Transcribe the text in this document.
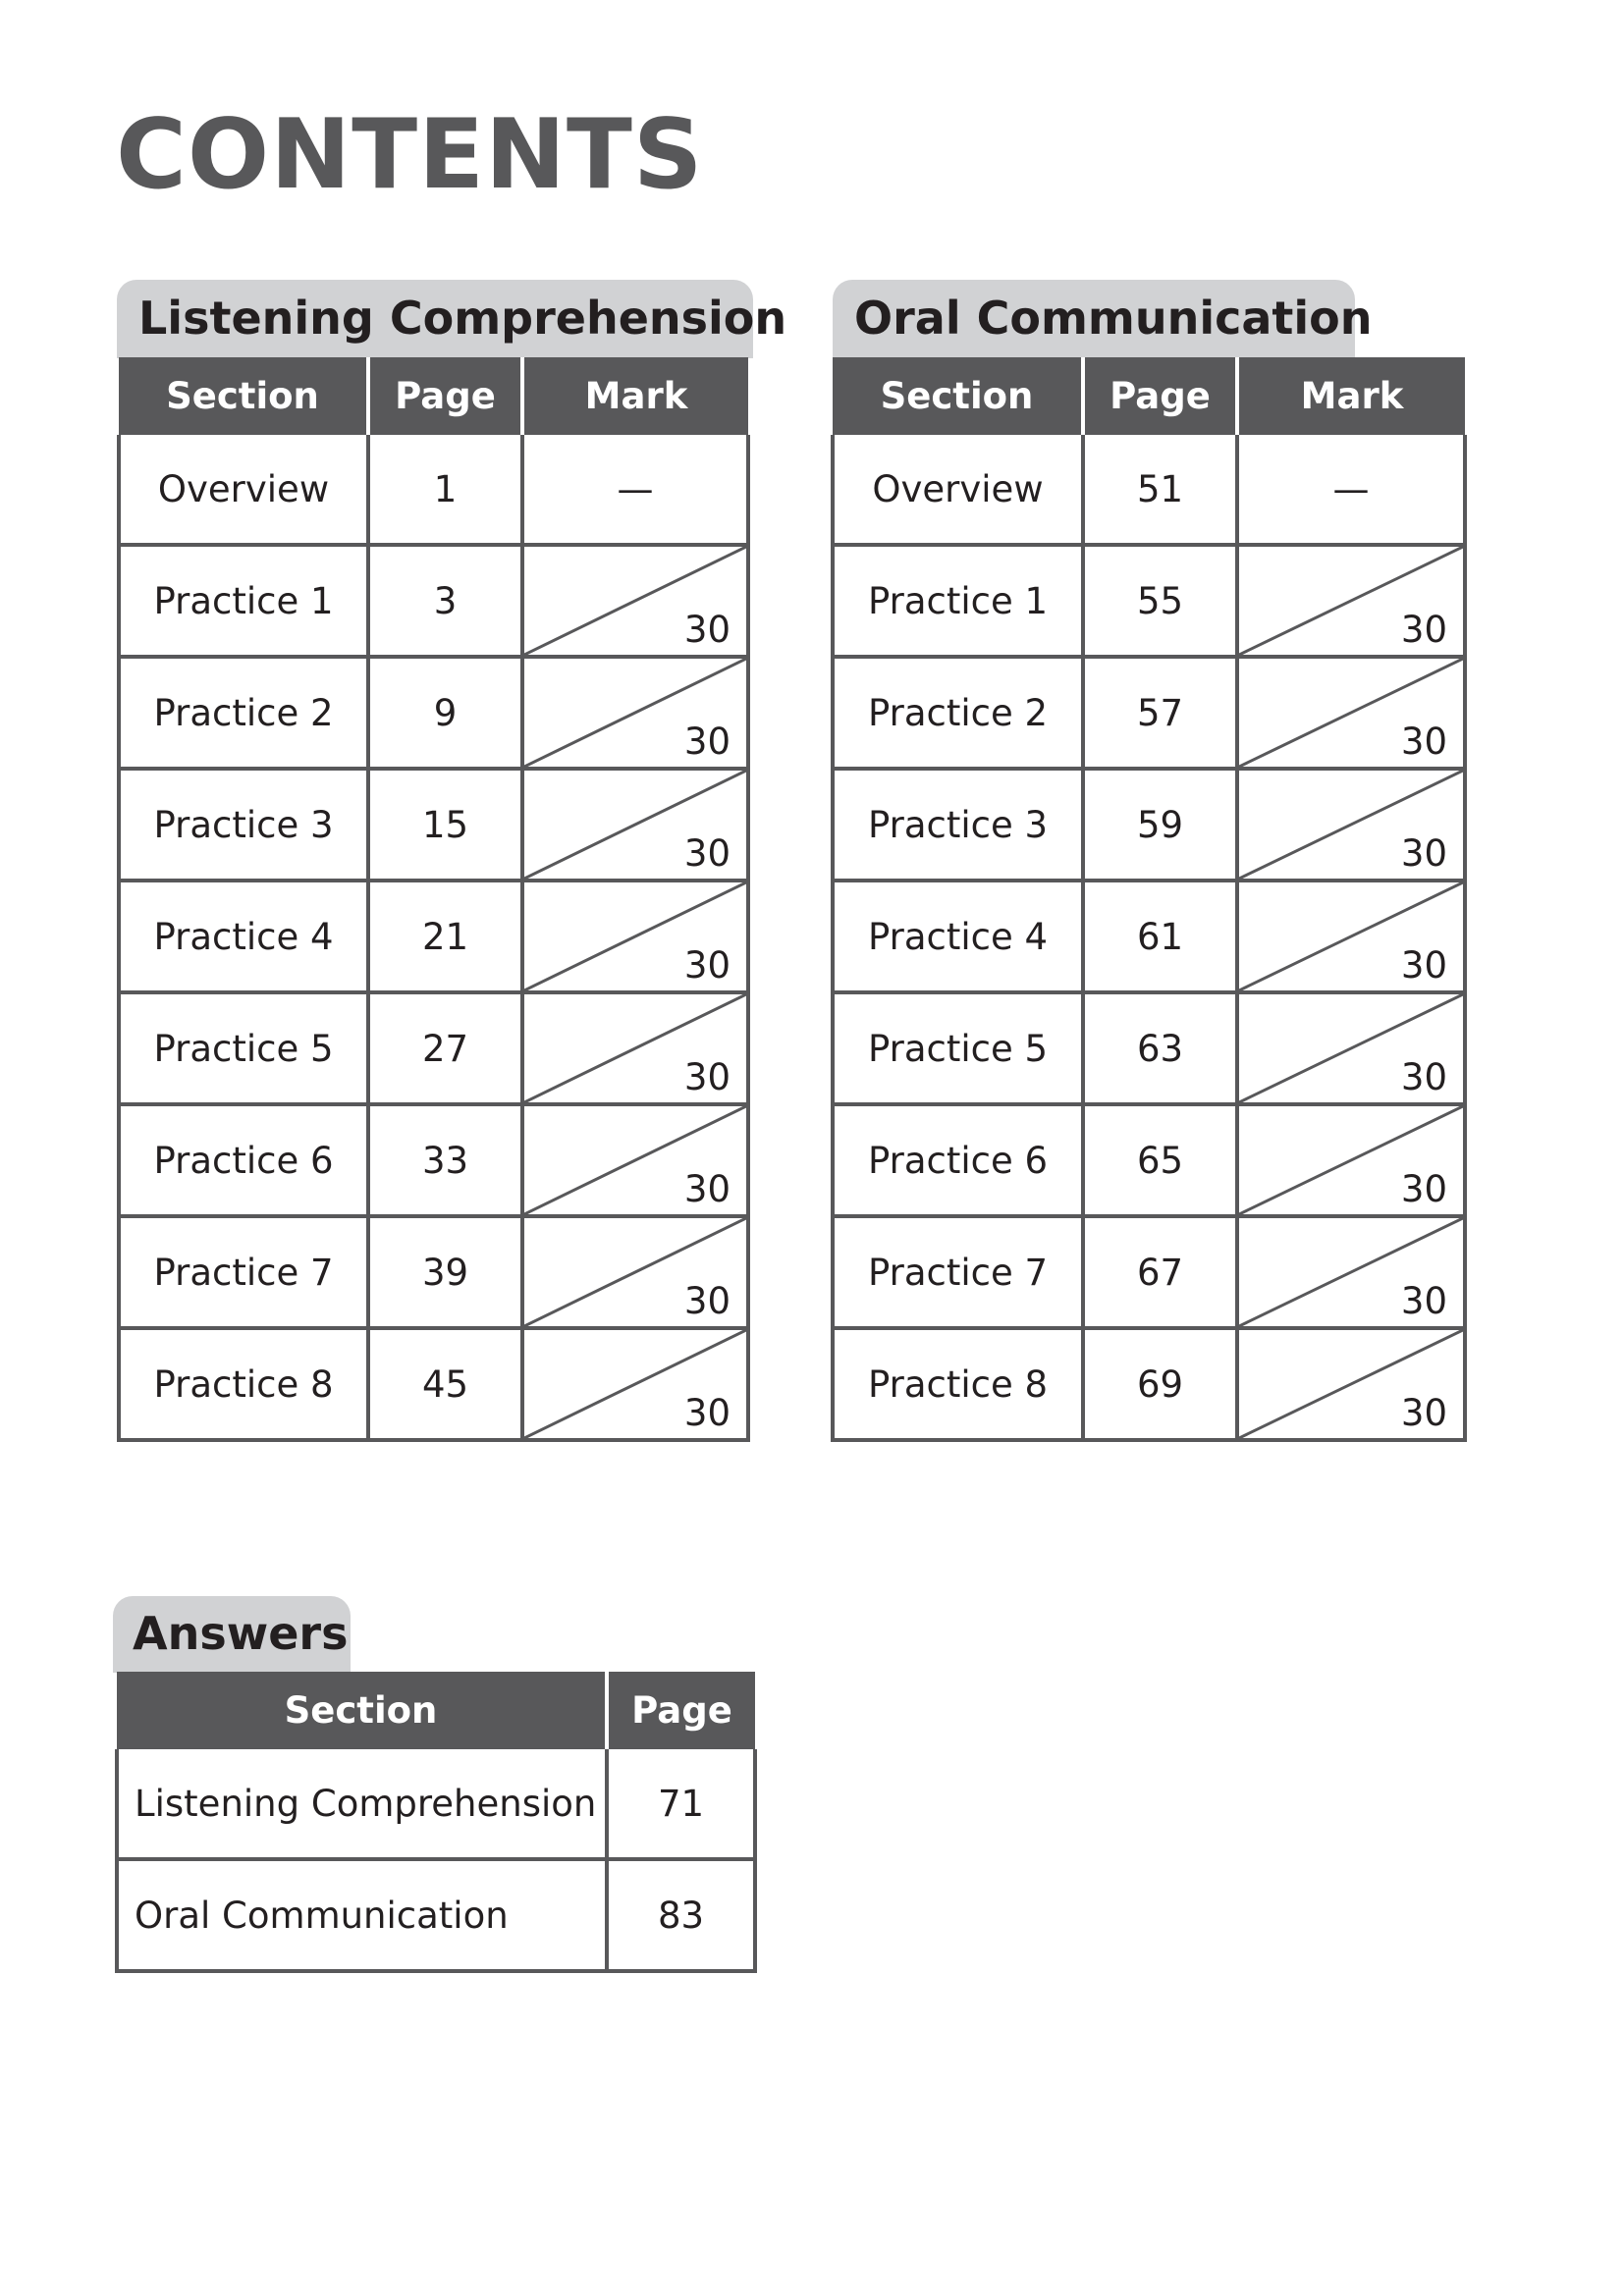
CONTENTS
Listening Comprehension
Section	Page	Mark
Overview	1	—
Practice 1	3	30

Practice 2	9	30

Practice 3	15	30

Practice 4	21	30

Practice 5	27	30

Practice 6	33	30

Practice 7	39	30

Practice 8	45	30
Oral Communication
Section	Page	Mark
Overview	51	—
Practice 1	55	30

Practice 2	57	30

Practice 3	59	30

Practice 4	61	30

Practice 5	63	30

Practice 6	65	30

Practice 7	67	30

Practice 8	69	30
Answers
Section	Page
Listening Comprehension	71
Oral Communication	83
